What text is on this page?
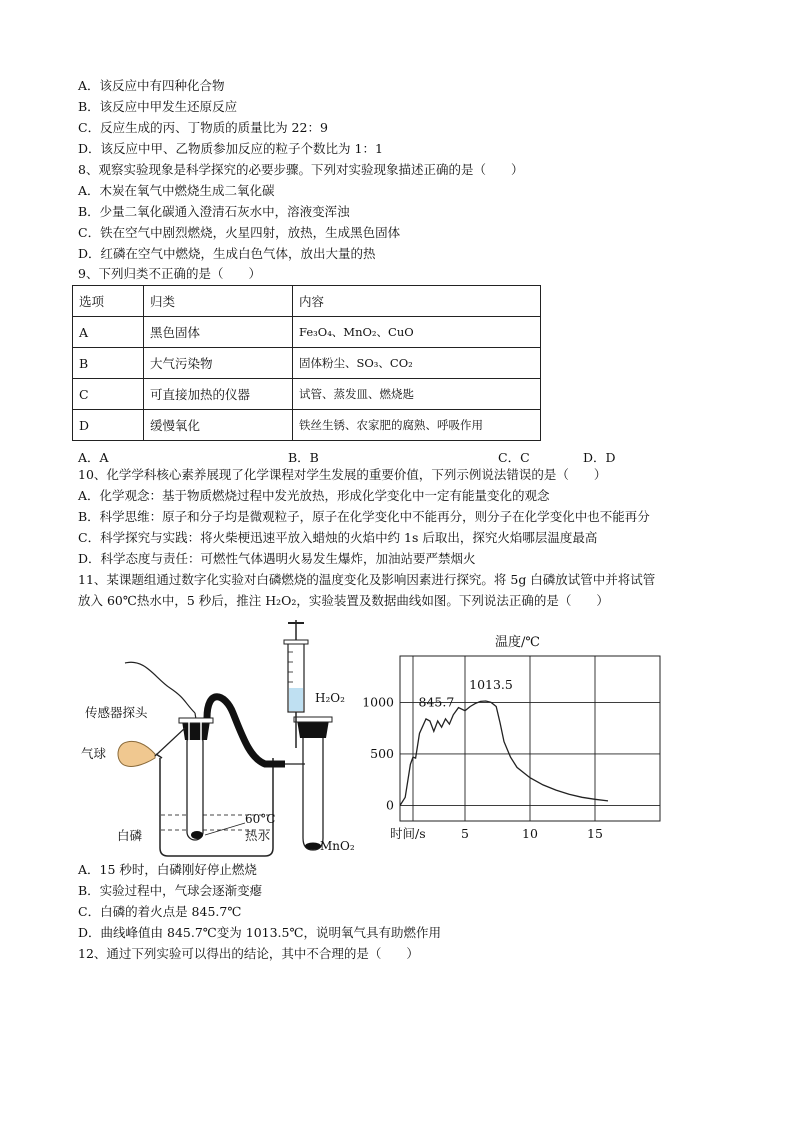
A．该反应中有四种化合物
B．该反应中甲发生还原反应
C．反应生成的丙、丁物质的质量比为 22：9
D．该反应中甲、乙物质参加反应的粒子个数比为 1：1
8、观察实验现象是科学探究的必要步骤。下列对实验现象描述正确的是（　　）
A．木炭在氧气中燃烧生成二氧化碳
B．少量二氧化碳通入澄清石灰水中，溶液变浑浊
C．铁在空气中剧烈燃烧，火星四射，放热，生成黑色固体
D．红磷在空气中燃烧，生成白色气体，放出大量的热
9、下列归类不正确的是（　　）
选项	归类	内容
A	黑色固体	Fe₃O₄、MnO₂、CuO
B	大气污染物	固体粉尘、SO₃、CO₂
C	可直接加热的仪器	试管、蒸发皿、燃烧匙
D	缓慢氧化	铁丝生锈、农家肥的腐熟、呼吸作用
A．A	B．B	C．C	D．D
10、化学学科核心素养展现了化学课程对学生发展的重要价值，下列示例说法错误的是（　　）
A．化学观念：基于物质燃烧过程中发光放热，形成化学变化中一定有能量变化的观念
B．科学思维：原子和分子均是微观粒子，原子在化学变化中不能再分，则分子在化学变化中也不能再分
C．科学探究与实践：将火柴梗迅速平放入蜡烛的火焰中约 1s 后取出，探究火焰哪层温度最高
D．科学态度与责任：可燃性气体遇明火易发生爆炸，加油站要严禁烟火
11、某课题组通过数字化实验对白磷燃烧的温度变化及影响因素进行探究。将 5g 白磷放试管中并将试管
放入 60℃热水中，5 秒后，推注 H₂O₂，实验装置及数据曲线如图。下列说法正确的是（　　）
传感器探头
气球
白磷
60°C
热水
H₂O₂
MnO₂
0
500
1000
5	10	15
温度/℃
时间/s
845.7
1013.5
A．15 秒时，白磷刚好停止燃烧
B．实验过程中，气球会逐渐变瘪
C．白磷的着火点是 845.7℃
D．曲线峰值由 845.7℃变为 1013.5℃，说明氧气具有助燃作用
12、通过下列实验可以得出的结论，其中不合理的是（　　）
